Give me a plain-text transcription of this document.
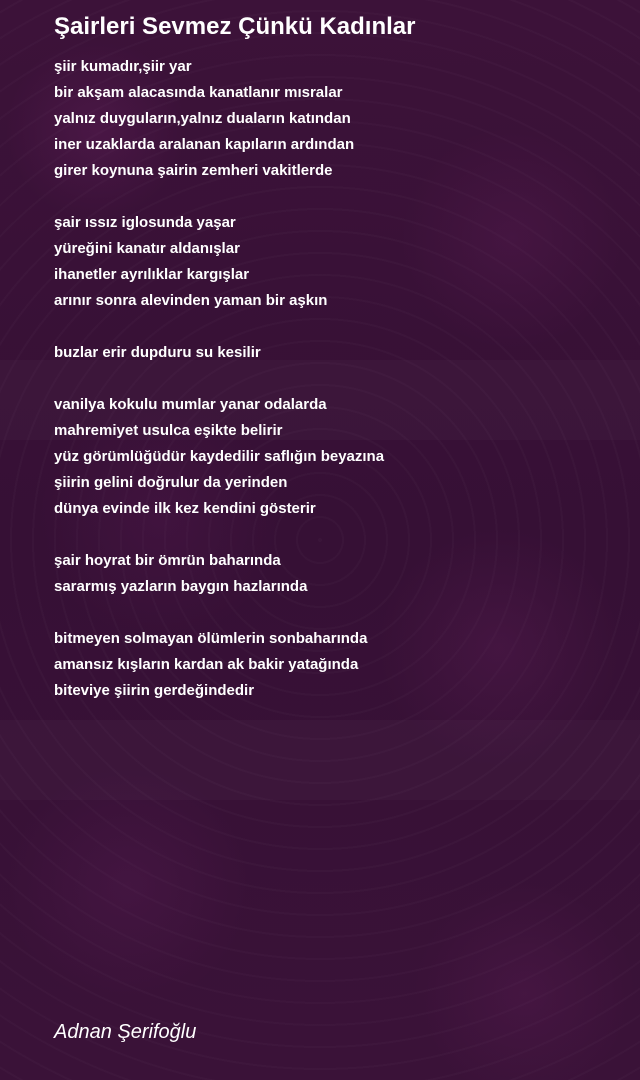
Şairleri Sevmez Çünkü Kadınlar
şiir kumadır,şiir yar
bir akşam alacasında kanatlanır mısralar
yalnız duyguların,yalnız duaların katından
iner uzaklarda aralanan kapıların ardından
girer koynuna şairin zemheri vakitlerde
şair ıssız iglosunda yaşar
yüreğini kanatır aldanışlar
ihanetler ayrılıklar kargışlar
arınır sonra alevinden yaman bir aşkın
buzlar erir dupduru su kesilir
vanilya kokulu mumlar yanar odalarda
mahremiyet usulca eşikte belirir
yüz görümlüğüdür kaydedilir saflığın beyazına
şiirin gelini doğrulur da yerinden
dünya evinde ilk kez kendini gösterir
şair hoyrat bir ömrün baharında
sararmış yazların baygın hazlarında
bitmeyen solmayan ölümlerin sonbaharında
amansız kışların kardan ak bakir yatağında
biteviye şiirin gerdeğindedir
Adnan Şerifoğlu
